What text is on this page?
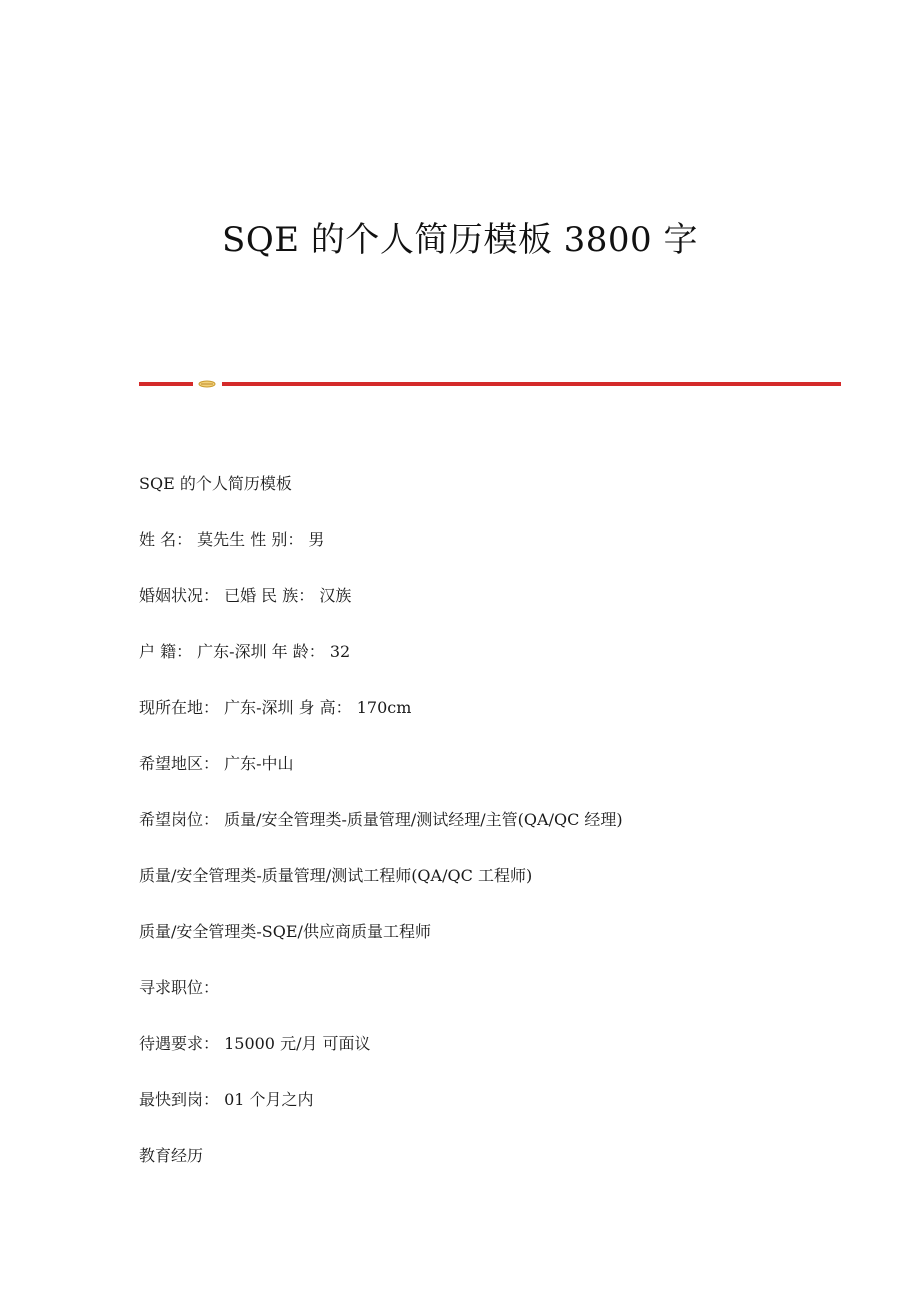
SQE 的个人简历模板 3800 字
SQE 的个人简历模板
姓 名： 莫先生 性 别： 男
婚姻状况： 已婚 民 族： 汉族
户 籍： 广东-深圳 年 龄： 32
现所在地： 广东-深圳 身 高： 170cm
希望地区： 广东-中山
希望岗位： 质量/安全管理类-质量管理/测试经理/主管(QA/QC 经理)
质量/安全管理类-质量管理/测试工程师(QA/QC 工程师)
质量/安全管理类-SQE/供应商质量工程师
寻求职位：
待遇要求： 15000 元/月 可面议
最快到岗： 01 个月之内
教育经历
